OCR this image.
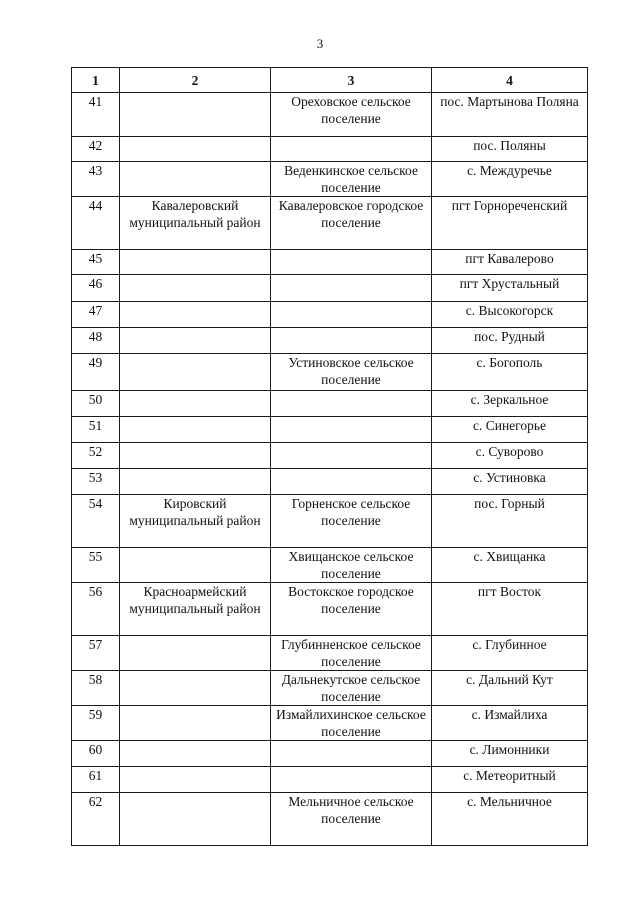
3
1	2	3	4
41		Ореховское сельское поселение	пос. Мартынова Поляна
42			пос. Поляны
43		Веденкинское сельское поселение	с. Междуречье
44	Кавалеровский муниципальный район	Кавалеровское городское поселение	пгт Горнореченский
45			пгт Кавалерово
46			пгт Хрустальный
47			с. Высокогорск
48			пос. Рудный
49		Устиновское сельское поселение	с. Богополь
50			с. Зеркальное
51			с. Синегорье
52			с. Суворово
53			с. Устиновка
54	Кировский муниципальный район	Горненское сельское поселение	пос. Горный
55		Хвищанское сельское поселение	с. Хвищанка
56	Красноармейский муниципальный район	Востокское городское поселение	пгт Восток
57		Глубинненское сельское поселение	с. Глубинное
58		Дальнекутское сельское поселение	с. Дальний Кут
59		Измайлихинское сельское поселение	с. Измайлиха
60			с. Лимонники
61			с. Метеоритный
62		Мельничное сельское поселение	с. Мельничное
